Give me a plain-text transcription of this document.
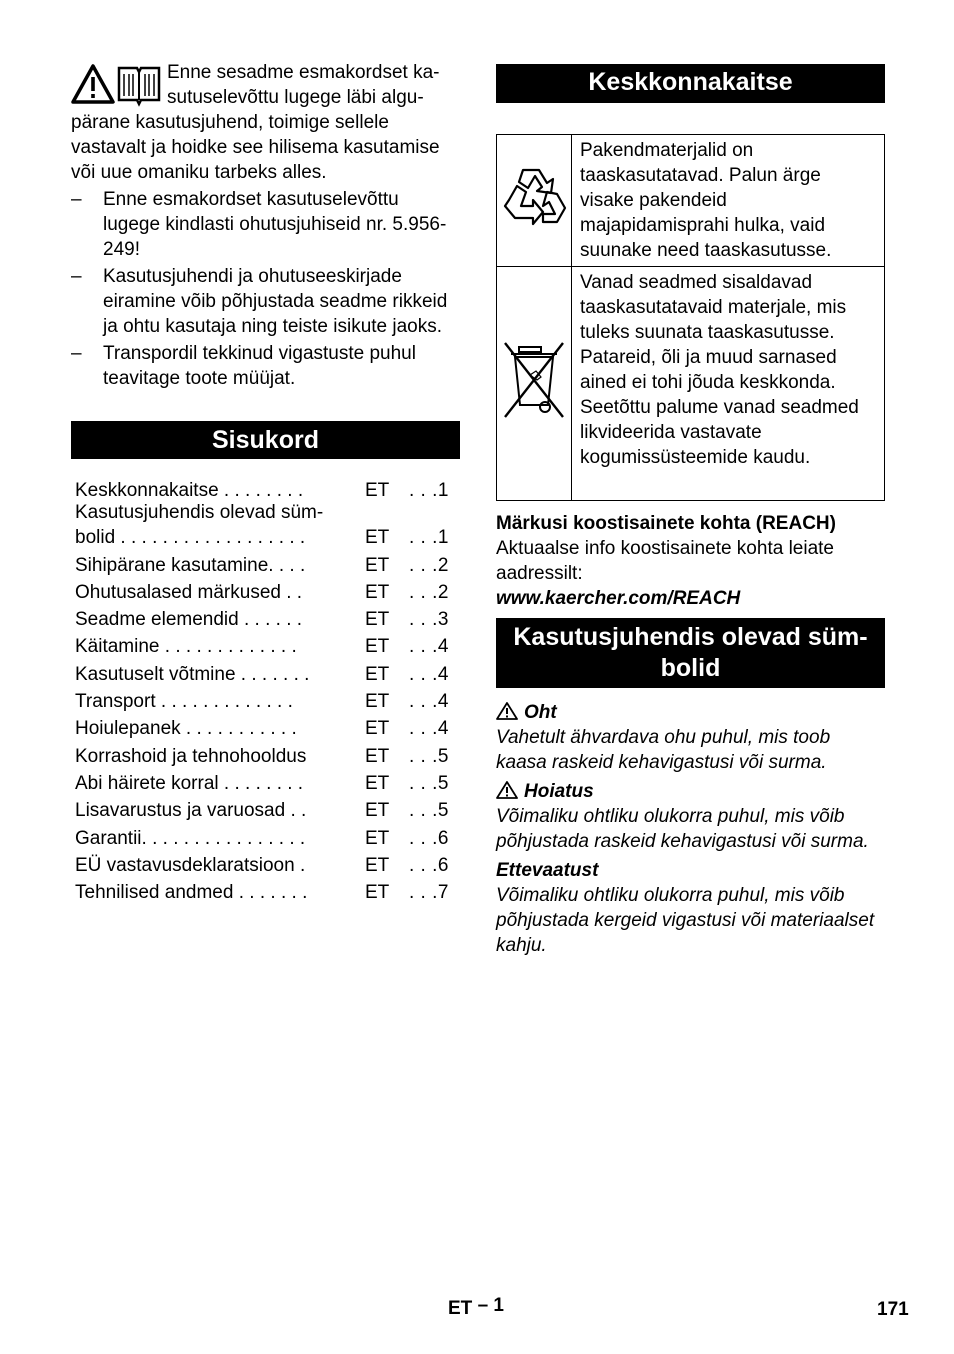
Enne sesadme esmakordset ka-
sutuselevõttu lugege läbi algu-
pärane kasutusjuhend, toimige sellele vastavalt ja hoidke see hilisema kasutamise või uue omaniku tarbeks alles.

– Enne esmakordset kasutuselevõttu lugege kindlasti ohutusjuhiseid nr. 5.956-249!
– Kasutusjuhendi ja ohutuseeskirjade eiramine võib põhjustada seadme rikkeid ja ohtu kasutaja ning teiste isikute jaoks.
– Transpordil tekkinud vigastuste puhul teavitage toote müüjat.
Sisukord
Keskkonnakaitse . . . . . . . .	ET . . .1
Kasutusjuhendis olevad süm- bolid . . . . . . . . . . . . . . . . . .	ET . . .1
Sihipärane kasutamine. . . .	ET . . .2
Ohutusalased märkused . .	ET . . .2
Seadme elemendid . . . . . .	ET . . .3
Käitamine . . . . . . . . . . . . .	ET . . .4
Kasutuselt võtmine . . . . . . .	ET . . .4
Transport . . . . . . . . . . . . .	ET . . .4
Hoiulepanek . . . . . . . . . . .	ET . . .4
Korrashoid ja tehnohooldus	ET . . .5
Abi häirete korral . . . . . . . .	ET . . .5
Lisavarustus ja varuosad . .	ET . . .5
Garantii. . . . . . . . . . . . . . . .	ET . . .6
EÜ vastavusdeklaratsioon .	ET . . .6
Tehnilised andmed . . . . . . .	ET . . .7
Keskkonnakaitse
	Pakendmaterjalid on taaskasutatavad. Palun ärge visake pakendeid majapidamisprahi hulka, vaid suunake need taaskasutusse.
	Vanad seadmed sisaldavad taaskasutatavaid materjale, mis tuleks suunata taaskasutusse. Patareid, õli ja muud sarnased ained ei tohi jõuda keskkonda. Seetõttu palume vanad seadmed likvideerida vastavate kogumissüsteemide kaudu.

Märkusi koostisainete kohta (REACH)

Aktuaalse info koostisainete kohta leiate aadressilt:

www.kaercher.com/REACH

Kasutusjuhendis olevad süm-
bolid

Oht

Vahetult ähvardava ohu puhul, mis toob kaasa raskeid kehavigastusi või surma.

Hoiatus

Võimaliku ohtliku olukorra puhul, mis võib põhjustada raskeid kehavigastusi või surma.

Ettevaatust

Võimaliku ohtliku olukorra puhul, mis võib põhjustada kergeid vigastusi või materiaalset kahju.

ET – 1	171
